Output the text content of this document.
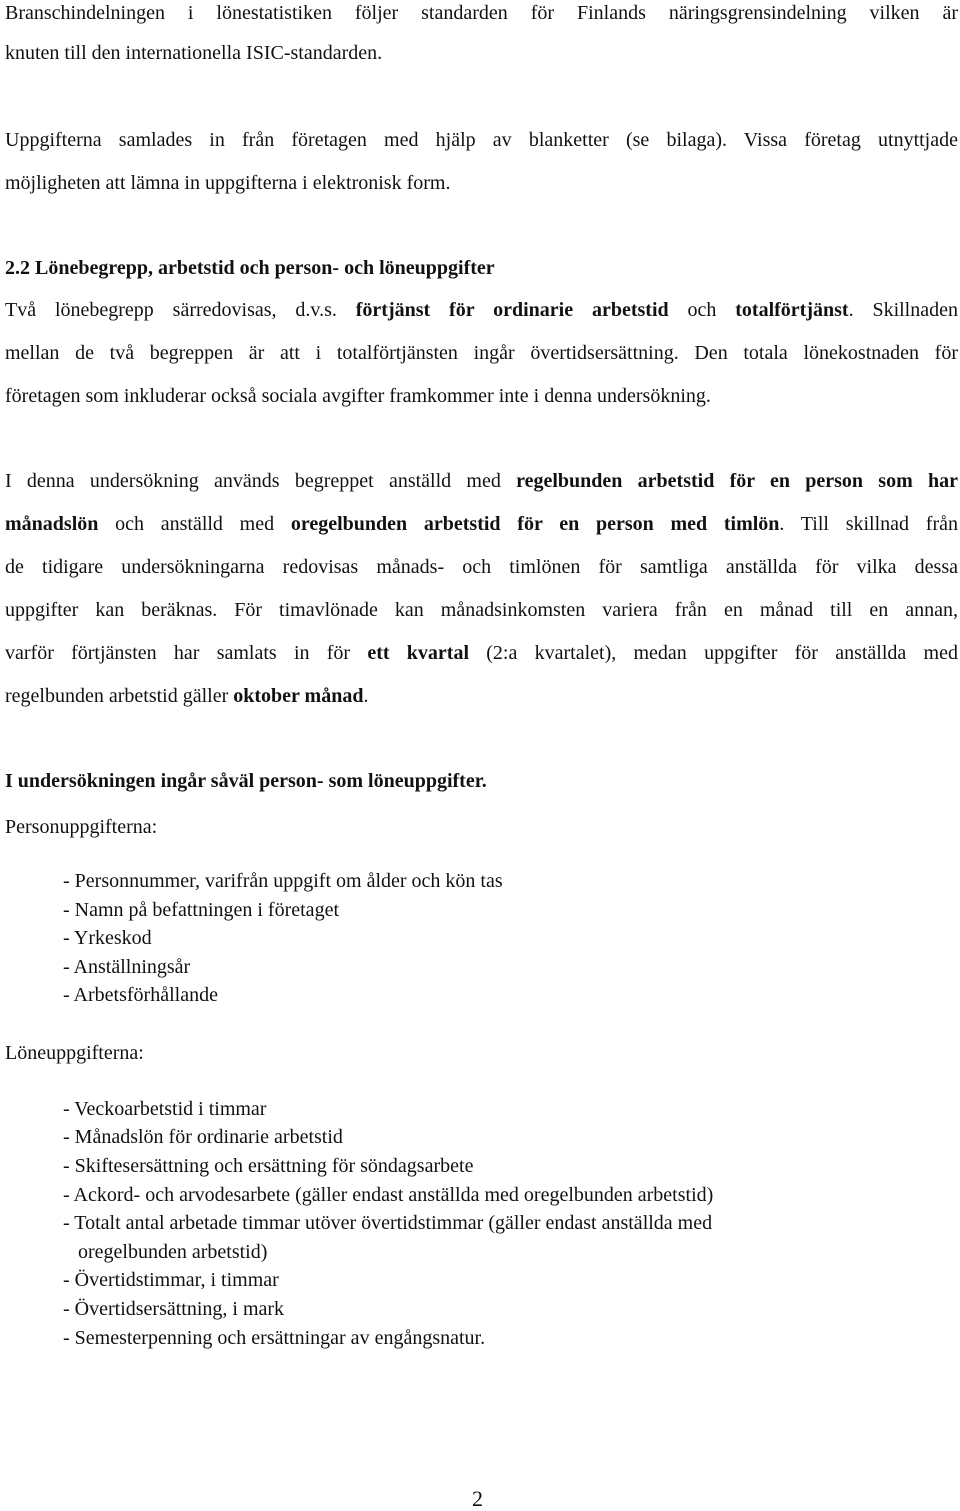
Branschindelningen i lönestatistiken följer standarden för Finlands näringsgrensindelning vilken är
knuten till den internationella ISIC-standarden.
Uppgifterna samlades in från företagen med hjälp av blanketter (se bilaga). Vissa företag utnyttjade
möjligheten att lämna in uppgifterna i elektronisk form.
2.2 Lönebegrepp, arbetstid och person- och löneuppgifter
Två lönebegrepp särredovisas, d.v.s. förtjänst för ordinarie arbetstid och totalförtjänst. Skillnaden
mellan de två begreppen är att i totalförtjänsten ingår övertidsersättning. Den totala lönekostnaden för
företagen som inkluderar också sociala avgifter framkommer inte i denna undersökning.
I denna undersökning används begreppet anställd med regelbunden arbetstid för en person som har
månadslön och anställd med oregelbunden arbetstid för en person med timlön. Till skillnad från
de tidigare undersökningarna redovisas månads- och timlönen för samtliga anställda för vilka dessa
uppgifter kan beräknas. För timavlönade kan månadsinkomsten variera från en månad till en annan,
varför förtjänsten har samlats in för ett kvartal (2:a kvartalet), medan uppgifter för anställda med
regelbunden arbetstid gäller oktober månad.
I undersökningen ingår såväl person- som löneuppgifter.
Personuppgifterna:
- Personnummer, varifrån uppgift om ålder och kön tas
- Namn på befattningen i företaget
- Yrkeskod
- Anställningsår
- Arbetsförhållande
Löneuppgifterna:
- Veckoarbetstid i timmar
- Månadslön för ordinarie arbetstid
- Skiftesersättning och ersättning för söndagsarbete
- Ackord- och arvodesarbete (gäller endast anställda med oregelbunden arbetstid)
- Totalt antal arbetade timmar utöver övertidstimmar (gäller endast anställda med
oregelbunden arbetstid)
- Övertidstimmar, i timmar
- Övertidsersättning, i mark
- Semesterpenning och ersättningar av engångsnatur.
2
